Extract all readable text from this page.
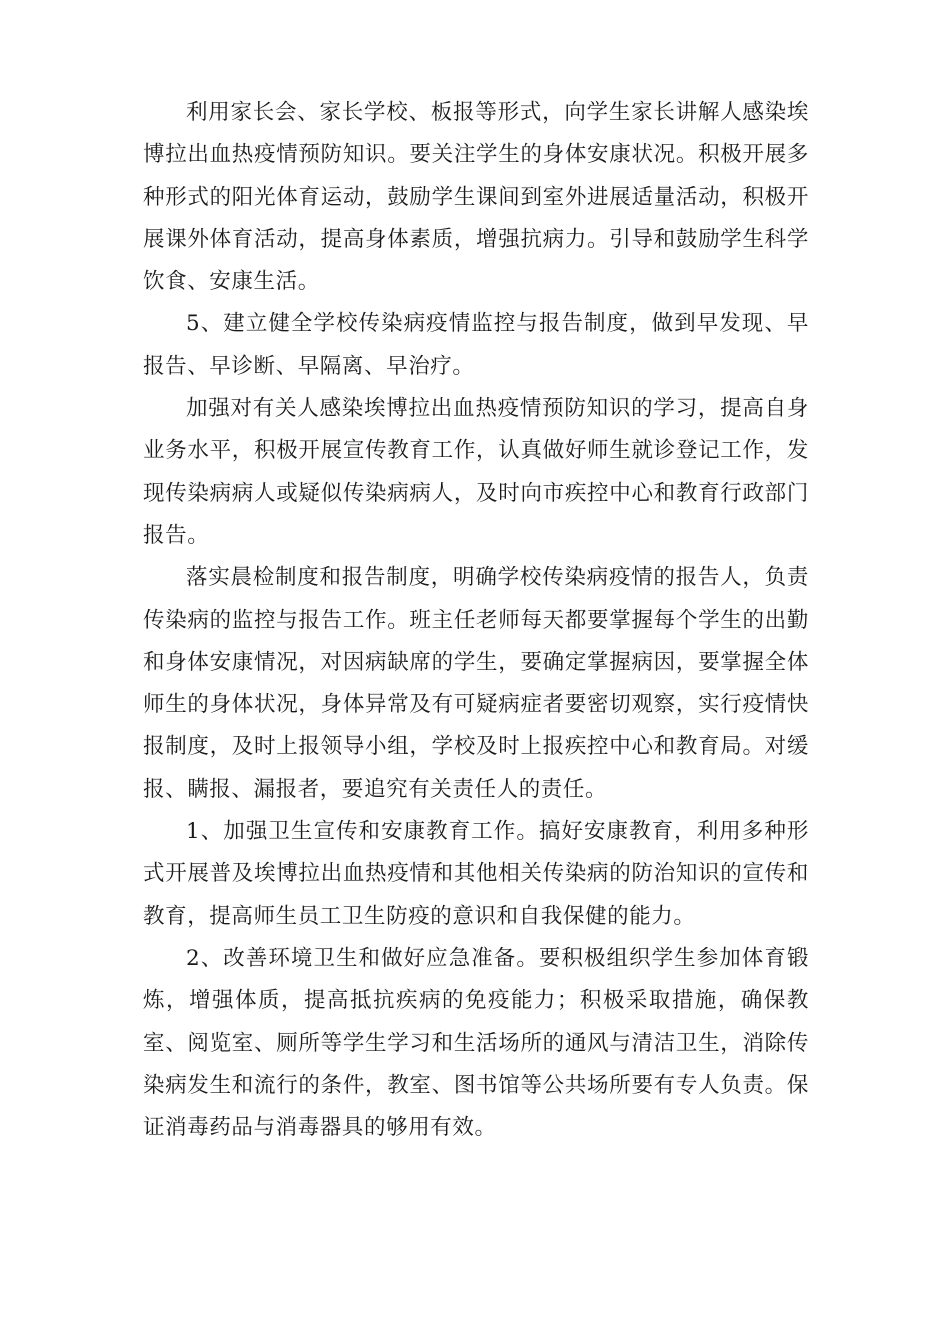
利用家长会、家长学校、板报等形式，向学生家长讲解人感染埃博拉出血热疫情预防知识。要关注学生的身体安康状况。积极开展多种形式的阳光体育运动，鼓励学生课间到室外进展适量活动，积极开展课外体育活动，提高身体素质，增强抗病力。引导和鼓励学生科学饮食、安康生活。

5、建立健全学校传染病疫情监控与报告制度，做到早发现、早报告、早诊断、早隔离、早治疗。

加强对有关人感染埃博拉出血热疫情预防知识的学习，提高自身业务水平，积极开展宣传教育工作，认真做好师生就诊登记工作，发现传染病病人或疑似传染病病人，及时向市疾控中心和教育行政部门报告。

落实晨检制度和报告制度，明确学校传染病疫情的报告人，负责传染病的监控与报告工作。班主任老师每天都要掌握每个学生的出勤和身体安康情况，对因病缺席的学生，要确定掌握病因，要掌握全体师生的身体状况，身体异常及有可疑病症者要密切观察，实行疫情快报制度，及时上报领导小组，学校及时上报疾控中心和教育局。对缓报、瞒报、漏报者，要追究有关责任人的责任。

1、加强卫生宣传和安康教育工作。搞好安康教育，利用多种形式开展普及埃博拉出血热疫情和其他相关传染病的防治知识的宣传和教育，提高师生员工卫生防疫的意识和自我保健的能力。

2、改善环境卫生和做好应急准备。要积极组织学生参加体育锻炼，增强体质，提高抵抗疾病的免疫能力；积极采取措施，确保教室、阅览室、厕所等学生学习和生活场所的通风与清洁卫生，消除传染病发生和流行的条件，教室、图书馆等公共场所要有专人负责。保证消毒药品与消毒器具的够用有效。
